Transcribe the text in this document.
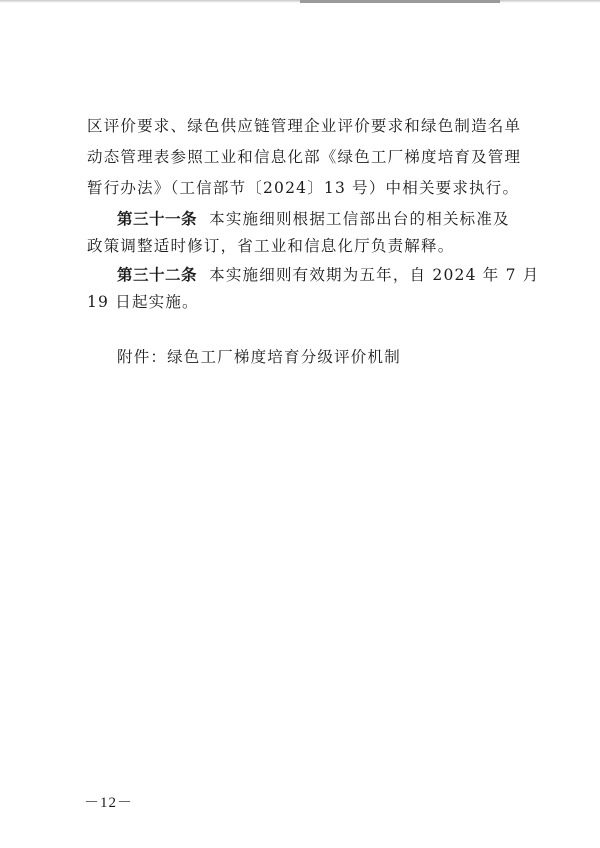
区评价要求、绿色供应链管理企业评价要求和绿色制造名单
动态管理表参照工业和信息化部《绿色工厂梯度培育及管理
暂行办法》（工信部节〔2024〕13 号）中相关要求执行。
第三十一条 本实施细则根据工信部出台的相关标准及
政策调整适时修订，省工业和信息化厅负责解释。
第三十二条 本实施细则有效期为五年，自 2024 年 7 月
19 日起实施。
附件：绿色工厂梯度培育分级评价机制
－12－
